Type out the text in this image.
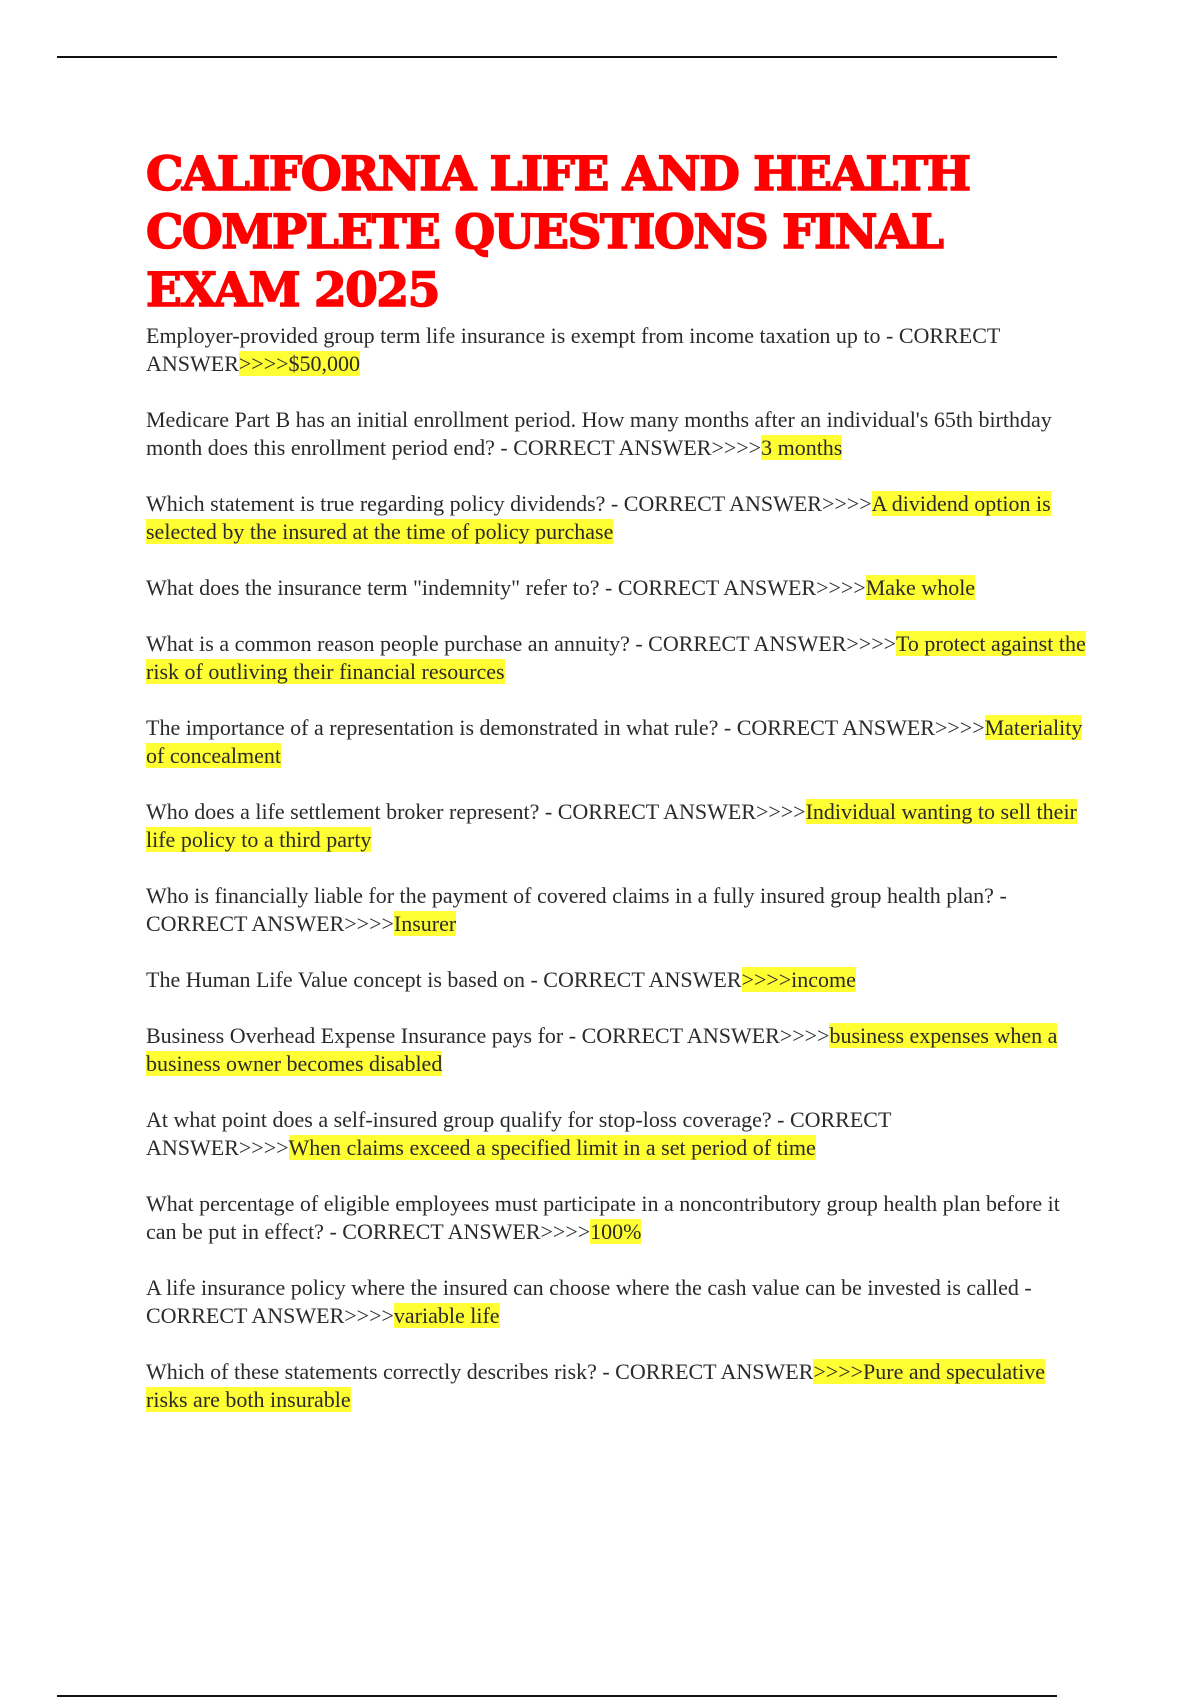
CALIFORNIA LIFE AND HEALTH COMPLETE QUESTIONS FINAL EXAM 2025

Employer-provided group term life insurance is exempt from income taxation up to - CORRECT ANSWER>>>>$50,000

Medicare Part B has an initial enrollment period. How many months after an individual's 65th birthday month does this enrollment period end? - CORRECT ANSWER>>>>3 months

Which statement is true regarding policy dividends? - CORRECT ANSWER>>>>A dividend option is selected by the insured at the time of policy purchase

What does the insurance term "indemnity" refer to? - CORRECT ANSWER>>>>Make whole

What is a common reason people purchase an annuity? - CORRECT ANSWER>>>>To protect against the risk of outliving their financial resources

The importance of a representation is demonstrated in what rule? - CORRECT ANSWER>>>>Materiality of concealment

Who does a life settlement broker represent? - CORRECT ANSWER>>>>Individual wanting to sell their life policy to a third party

Who is financially liable for the payment of covered claims in a fully insured group health plan? - CORRECT ANSWER>>>>Insurer

The Human Life Value concept is based on - CORRECT ANSWER>>>>income

Business Overhead Expense Insurance pays for - CORRECT ANSWER>>>>business expenses when a business owner becomes disabled

At what point does a self-insured group qualify for stop-loss coverage? - CORRECT ANSWER>>>>When claims exceed a specified limit in a set period of time

What percentage of eligible employees must participate in a noncontributory group health plan before it can be put in effect? - CORRECT ANSWER>>>>100%

A life insurance policy where the insured can choose where the cash value can be invested is called - CORRECT ANSWER>>>>variable life

Which of these statements correctly describes risk? - CORRECT ANSWER>>>>Pure and speculative risks are both insurable
